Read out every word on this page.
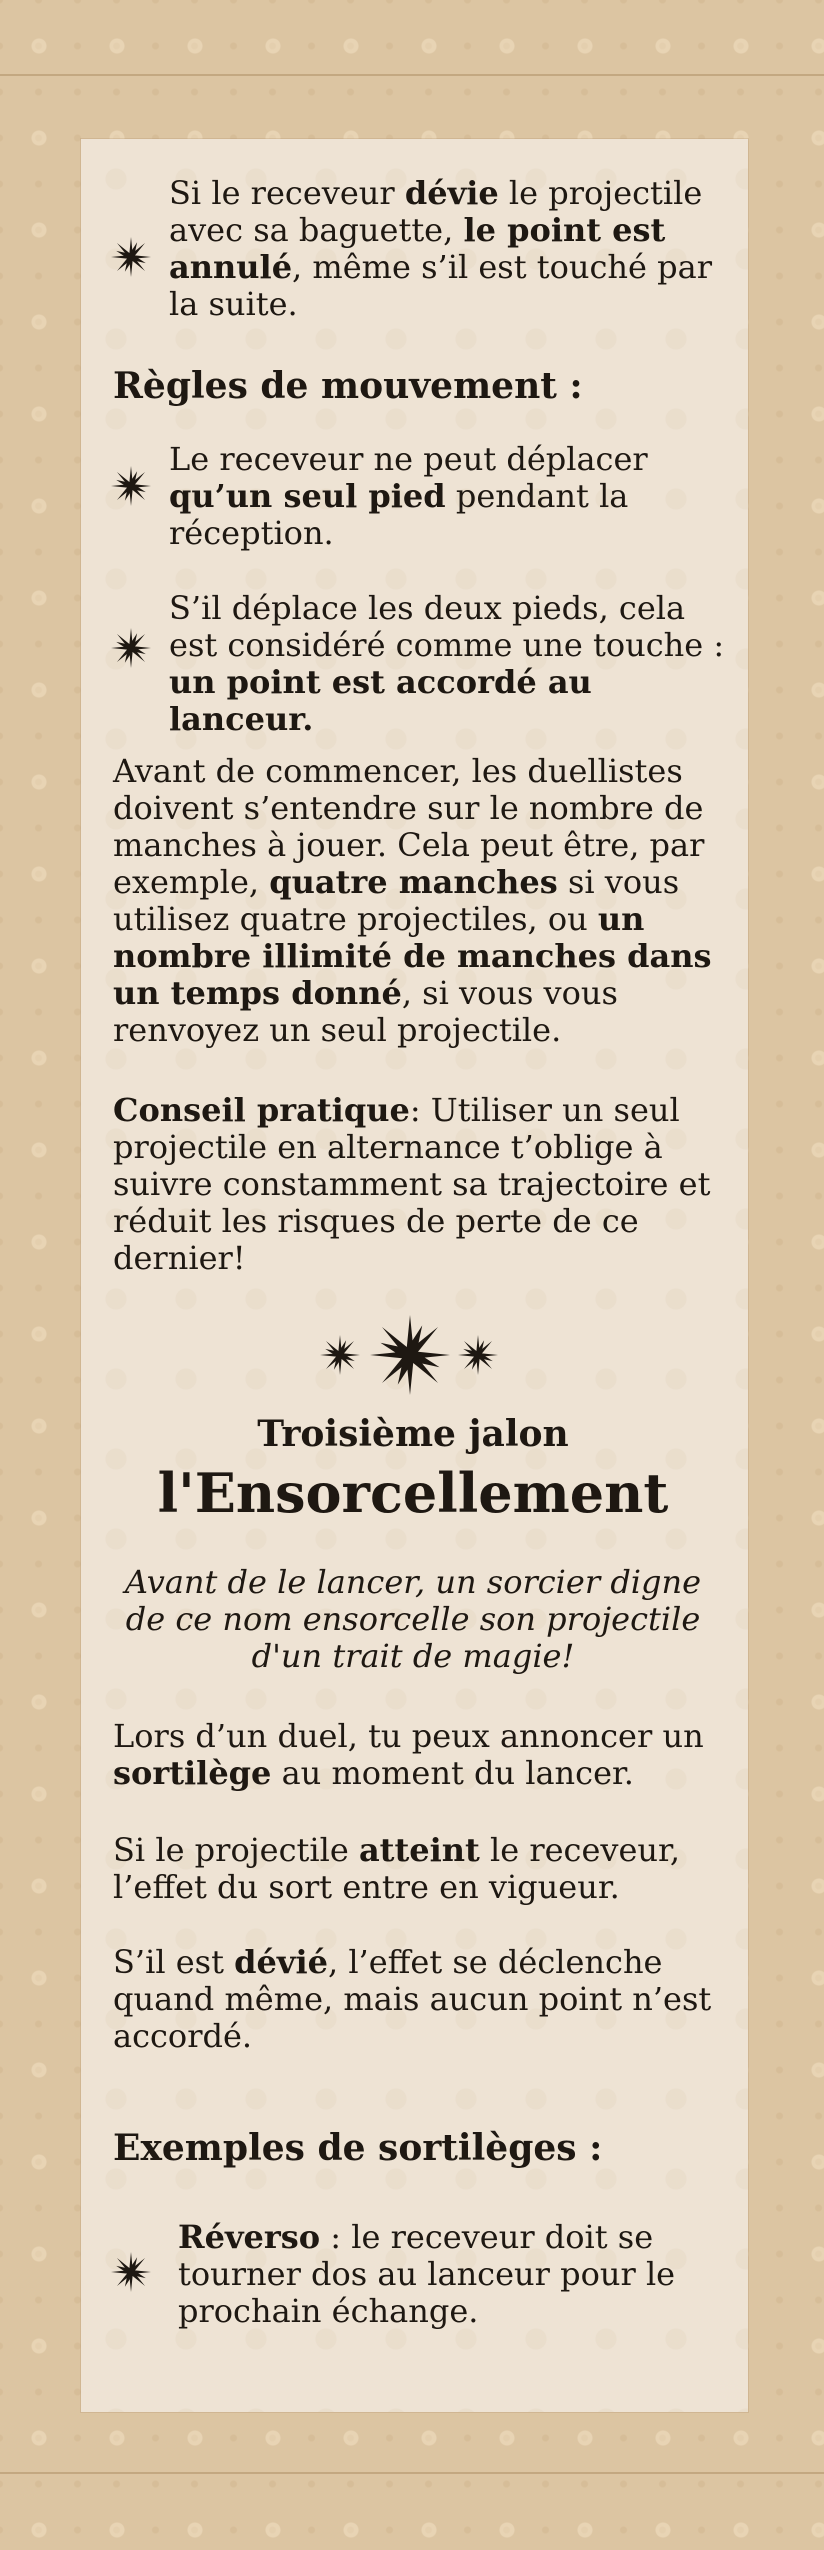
Si le receveur dévie le projectile avec sa baguette, le point est annulé, même s’il est touché par la suite.

Règles de mouvement :

Le receveur ne peut déplacer qu’un seul pied pendant la réception.

S’il déplace les deux pieds, cela est considéré comme une touche : un point est accordé au lanceur.

Avant de commencer, les duellistes doivent s’entendre sur le nombre de manches à jouer. Cela peut être, par exemple, quatre manches si vous utilisez quatre projectiles, ou un nombre illimité de manches dans un temps donné, si vous vous renvoyez un seul projectile.

Conseil pratique: Utiliser un seul projectile en alternance t’oblige à suivre constamment sa trajectoire et réduit les risques de perte de ce dernier!

Troisième jalon
l'Ensorcellement
Avant de le lancer, un sorcier digne
de ce nom ensorcelle son projectile
d'un trait de magie!

Lors d’un duel, tu peux annoncer un sortilège au moment du lancer.

Si le projectile atteint le receveur, l’effet du sort entre en vigueur.

S’il est dévié, l’effet se déclenche quand même, mais aucun point n’est accordé.

Exemples de sortilèges :

Réverso : le receveur doit se tourner dos au lanceur pour le prochain échange.
